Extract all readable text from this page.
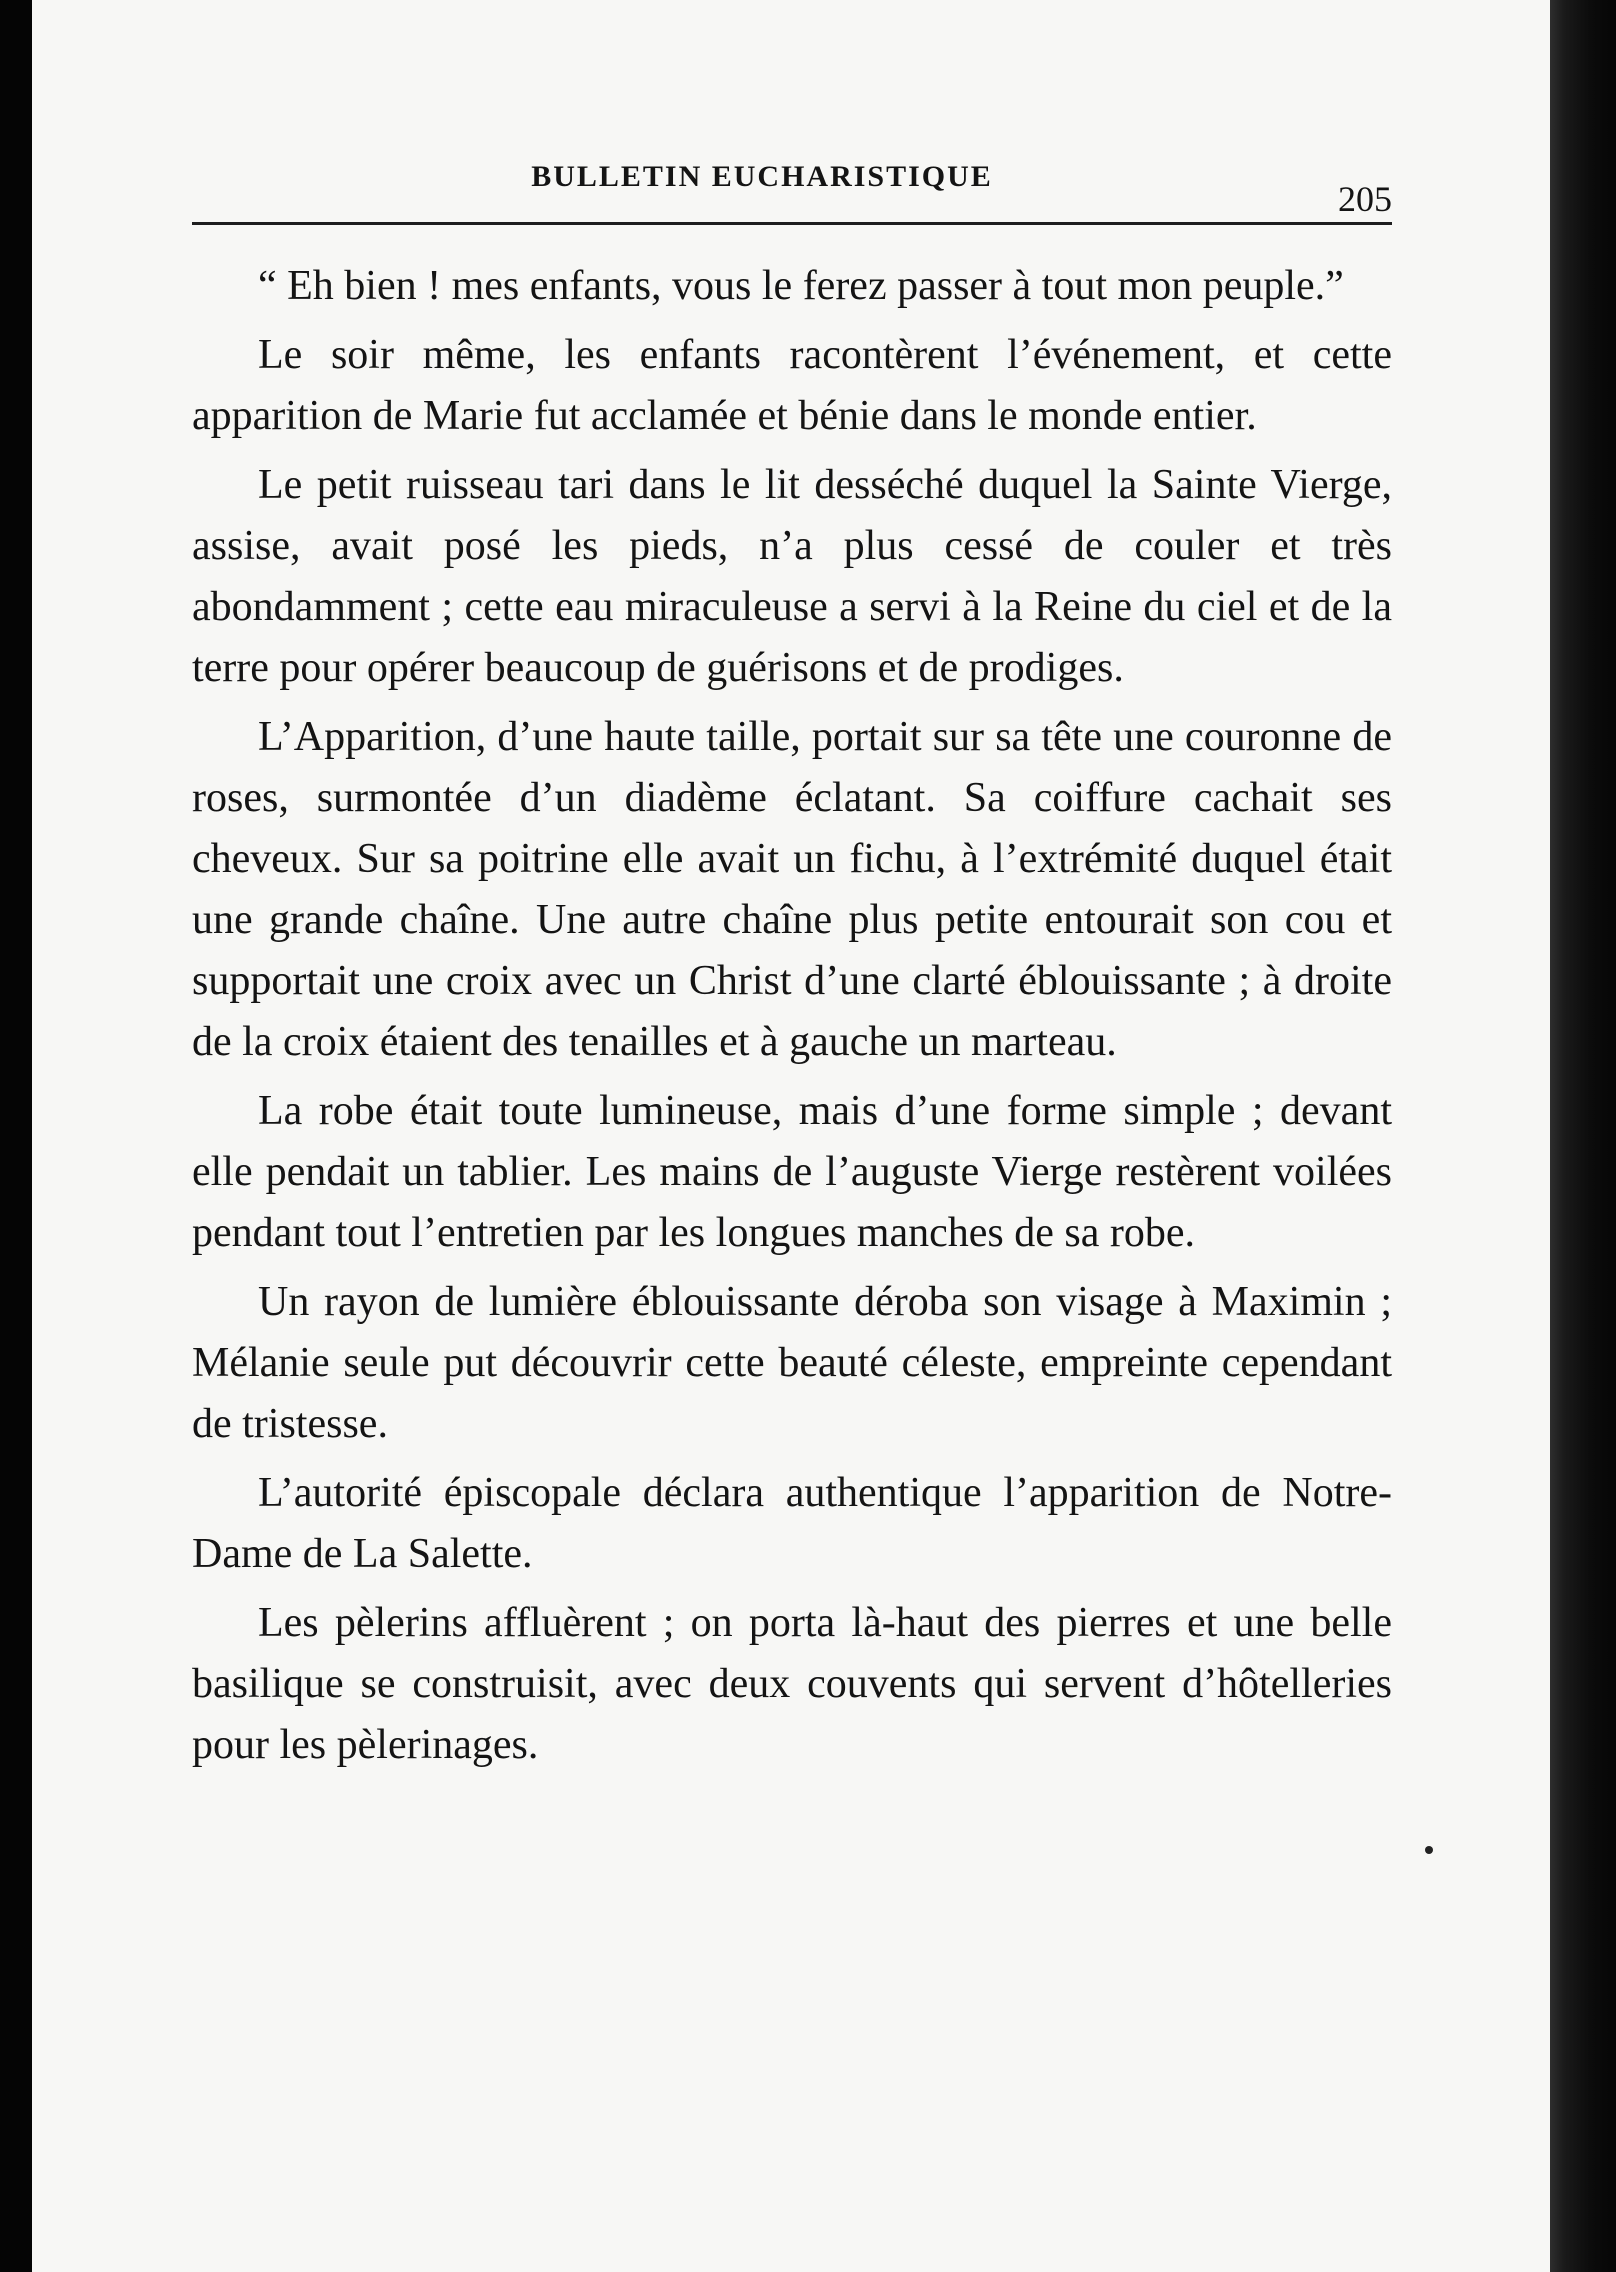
BULLETIN EUCHARISTIQUE
205

“ Eh bien ! mes enfants, vous le ferez passer à tout mon peuple.”

Le soir même, les enfants racontèrent l’événement, et cette apparition de Marie fut acclamée et bénie dans le monde entier.

Le petit ruisseau tari dans le lit desséché duquel la Sainte Vierge, assise, avait posé les pieds, n’a plus cessé de couler et très abondamment ; cette eau miraculeuse a servi à la Reine du ciel et de la terre pour opérer beaucoup de guérisons et de prodiges.

L’Apparition, d’une haute taille, portait sur sa tête une couronne de roses, surmontée d’un diadème éclatant. Sa coiffure cachait ses cheveux. Sur sa poitrine elle avait un fichu, à l’extrémité duquel était une grande chaîne. Une autre chaîne plus petite entourait son cou et supportait une croix avec un Christ d’une clarté éblouissante ; à droite de la croix étaient des tenailles et à gauche un marteau.

La robe était toute lumineuse, mais d’une forme simple ; devant elle pendait un tablier. Les mains de l’auguste Vierge restèrent voilées pendant tout l’entretien par les longues manches de sa robe.

Un rayon de lumière éblouissante déroba son visage à Maximin ; Mélanie seule put découvrir cette beauté céleste, empreinte cependant de tristesse.

L’autorité épiscopale déclara authentique l’apparition de Notre-Dame de La Salette.

Les pèlerins affluèrent ; on porta là-haut des pierres et une belle basilique se construisit, avec deux couvents qui servent d’hôtelleries pour les pèlerinages.
